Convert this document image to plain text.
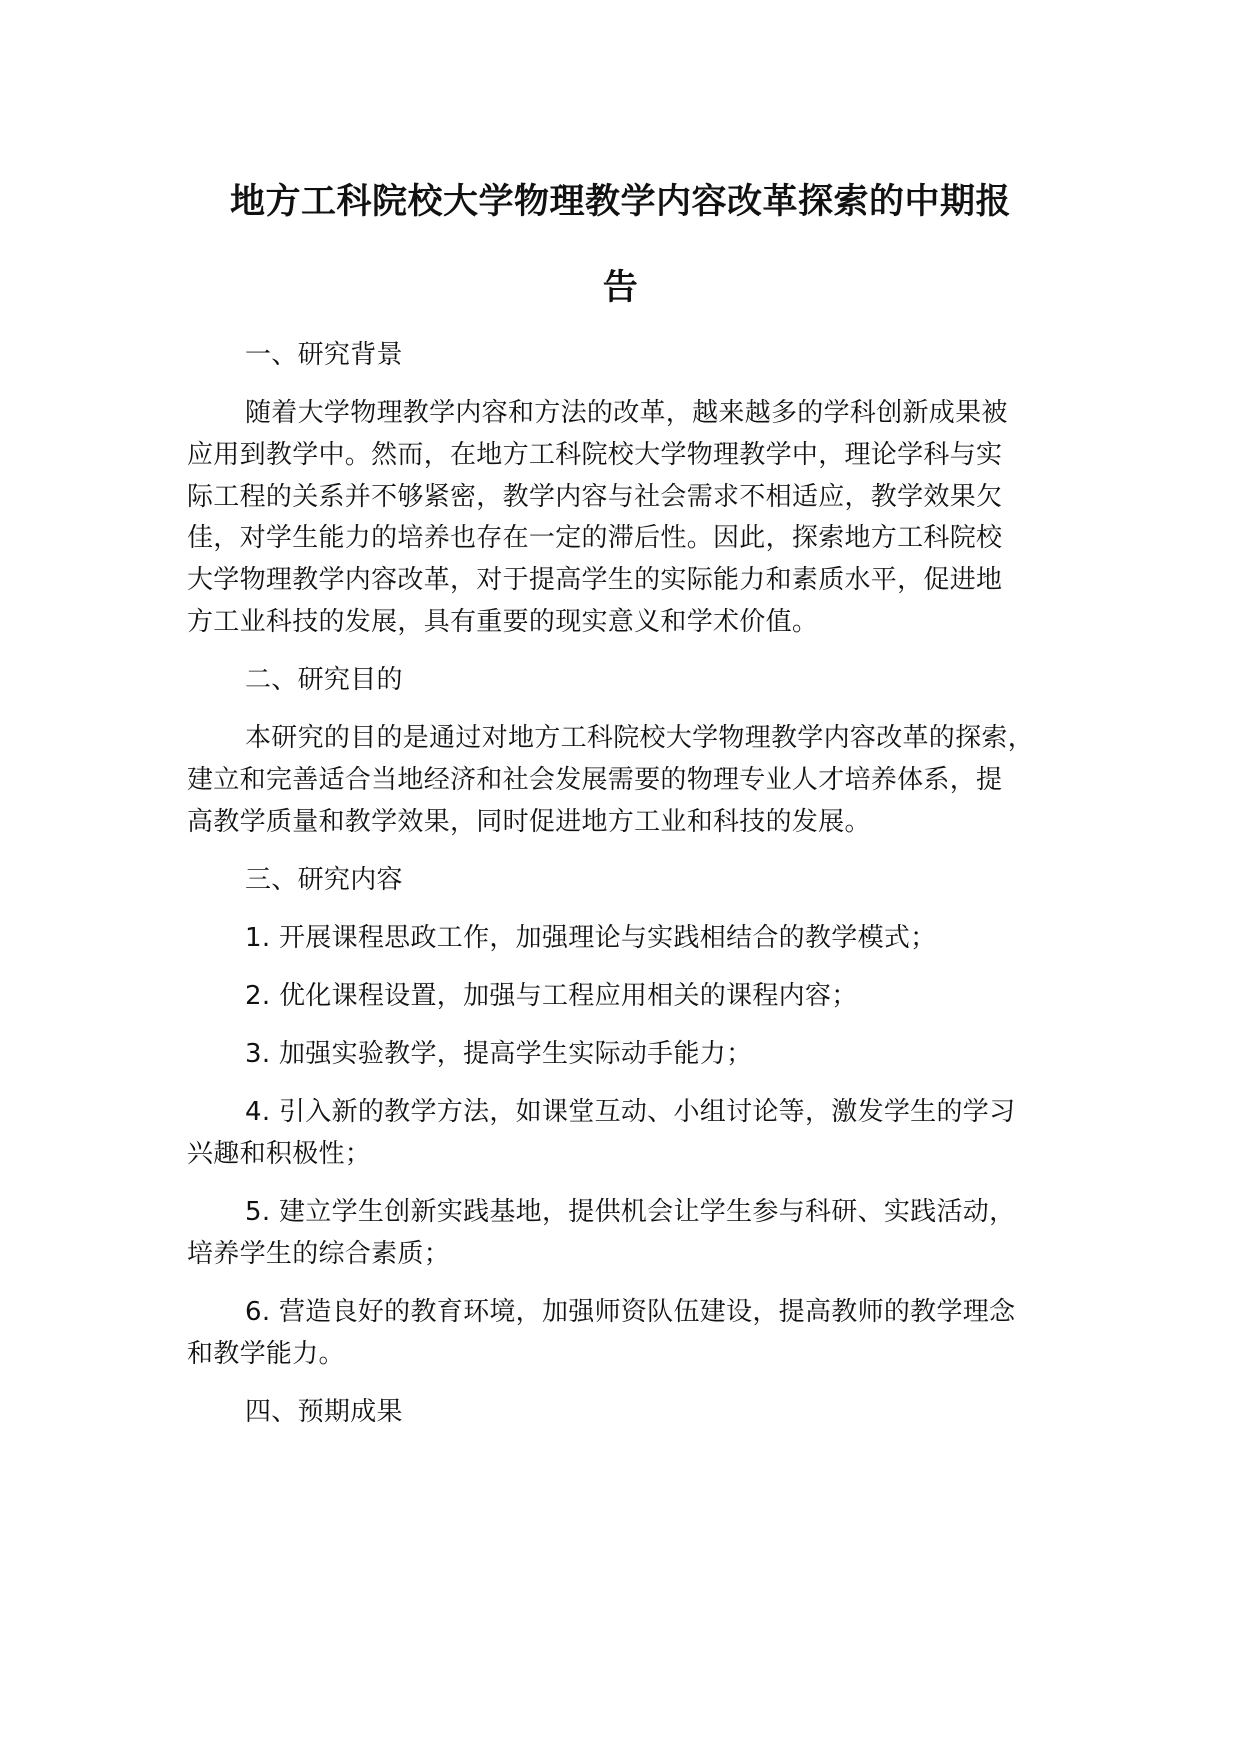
地方工科院校大学物理教学内容改革探索的中期报
告
一、研究背景
随着大学物理教学内容和方法的改革，越来越多的学科创新成果被
应用到教学中。然而，在地方工科院校大学物理教学中，理论学科与实
际工程的关系并不够紧密，教学内容与社会需求不相适应，教学效果欠
佳，对学生能力的培养也存在一定的滞后性。因此，探索地方工科院校
大学物理教学内容改革，对于提高学生的实际能力和素质水平，促进地
方工业科技的发展，具有重要的现实意义和学术价值。
二、研究目的
本研究的目的是通过对地方工科院校大学物理教学内容改革的探索，
建立和完善适合当地经济和社会发展需要的物理专业人才培养体系，提
高教学质量和教学效果，同时促进地方工业和科技的发展。
三、研究内容
1. 开展课程思政工作，加强理论与实践相结合的教学模式；
2. 优化课程设置，加强与工程应用相关的课程内容；
3. 加强实验教学，提高学生实际动手能力；
4. 引入新的教学方法，如课堂互动、小组讨论等，激发学生的学习
兴趣和积极性；
5. 建立学生创新实践基地，提供机会让学生参与科研、实践活动，
培养学生的综合素质；
6. 营造良好的教育环境，加强师资队伍建设，提高教师的教学理念
和教学能力。
四、预期成果
